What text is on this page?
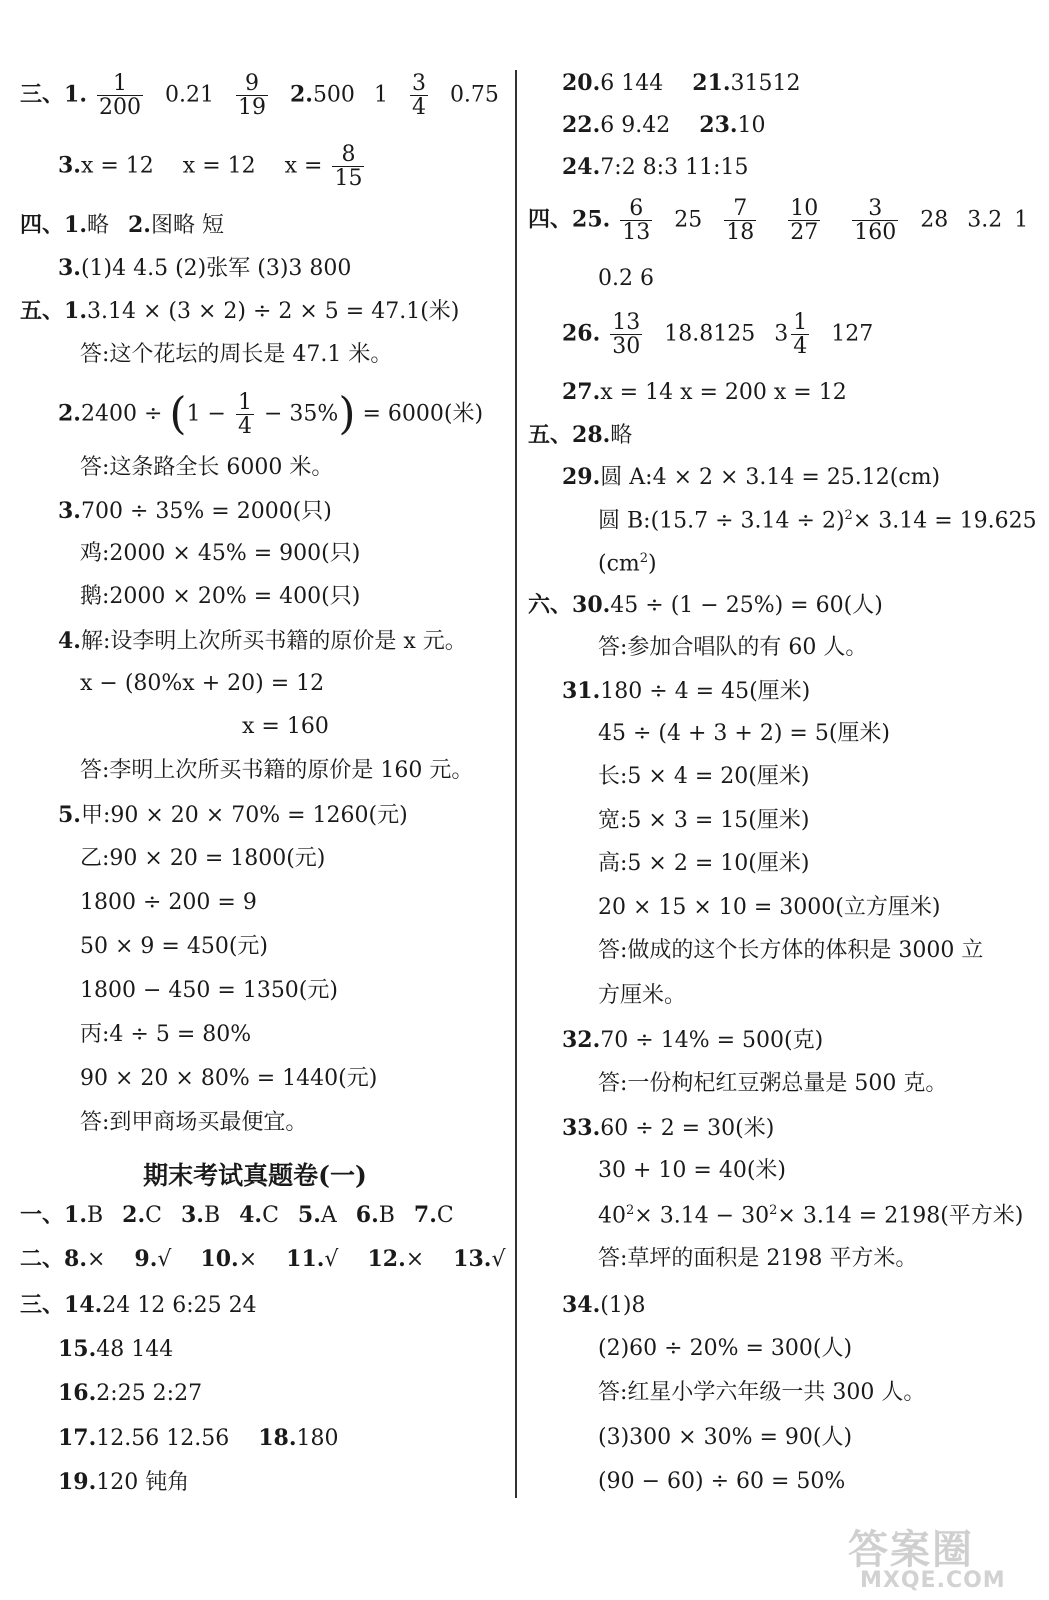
三、1. $\frac{1}{200} 0.21 \frac{9}{19} 2.500$ $1 \frac{3}{4} 0.75$
3.x = 12 x = 12 $x = \frac{8}{15}$
四、1.略 2.图略 短
3.(1)4 4.5 (2)张军 (3)3 800
五、1.3.14 × (3 × 2) ÷ 2 × 5 = 47.1(米)
答:这个花坛的周长是 47.1 米。
$2.2400 \div (1 - \frac{1}{4} - 35\%) = 6000$(米)
答:这条路全长 6000 米。
3.700 ÷ 35% = 2000(只)
鸡:2000 × 45% = 900(只)
鹅:2000 × 20% = 400(只)
4.解:设李明上次所买书籍的原价是 x 元。
x − (80%x + 20) = 12
x = 160
答:李明上次所买书籍的原价是 160 元。
5.甲:90 × 20 × 70% = 1260(元)
乙:90 × 20 = 1800(元)
1800 ÷ 200 = 9
50 × 9 = 450(元)
1800 − 450 = 1350(元)
丙:4 ÷ 5 = 80%
90 × 20 × 80% = 1440(元)
答:到甲商场买最便宜。
期末考试真题卷(一)
一、1.B 2.C 3.B 4.C 5.A 6.B 7.C
二、8.× 9.√ 10.× 11.√ 12.× 13.√
三、14.24 12 6:25 24
15.48 144
16.2:25 2:27
17.12.56 12.56 18.180
19.120 钝角
20.6 144 21.31512
22.6 9.42 23.10
24.7:2 8:3 11:15
四、25. $\frac{6}{13} 25 \frac{7}{18}$
$\frac{10}{27}$
$\frac{3}{160} 28$ 3.2 1
0.2 6
26. $\frac{13}{30} 18.8125$ $3 \frac{1}{4} 127$
27.x = 14 x = 200 x = 12
五、28.略
29.圆 A:4 × 2 × 3.14 = 25.12(cm)
圆 B:(15.7 ÷ 3.14 ÷ 2)$^2$× 3.14 = 19.625
$(cm^2)$
六、30.45 ÷ (1 − 25%) = 60(人)
答:参加合唱队的有 60 人。
31.180 ÷ 4 = 45(厘米)
45 ÷ (4 + 3 + 2) = 5(厘米)
长:5 × 4 = 20(厘米)
宽:5 × 3 = 15(厘米)
高:5 × 2 = 10(厘米)
20 × 15 × 10 = 3000(立方厘米)
答:做成的这个长方体的体积是 3000 立
方厘米。
32.70 ÷ 14% = 500(克)
答:一份枸杞红豆粥总量是 500 克。
33.60 ÷ 2 = 30(米)
30 + 10 = 40(米)
$40^2\times 3.14 - 30^2\times 3.14 = 2198$(平方米)
答:草坪的面积是 2198 平方米。
34.(1)8
(2)60 ÷ 20% = 300(人)
答:红星小学六年级一共 300 人。
(3)300 × 30% = 90(人)
(90 − 60) ÷ 60 = 50%
答案圈
MXQE.COM
